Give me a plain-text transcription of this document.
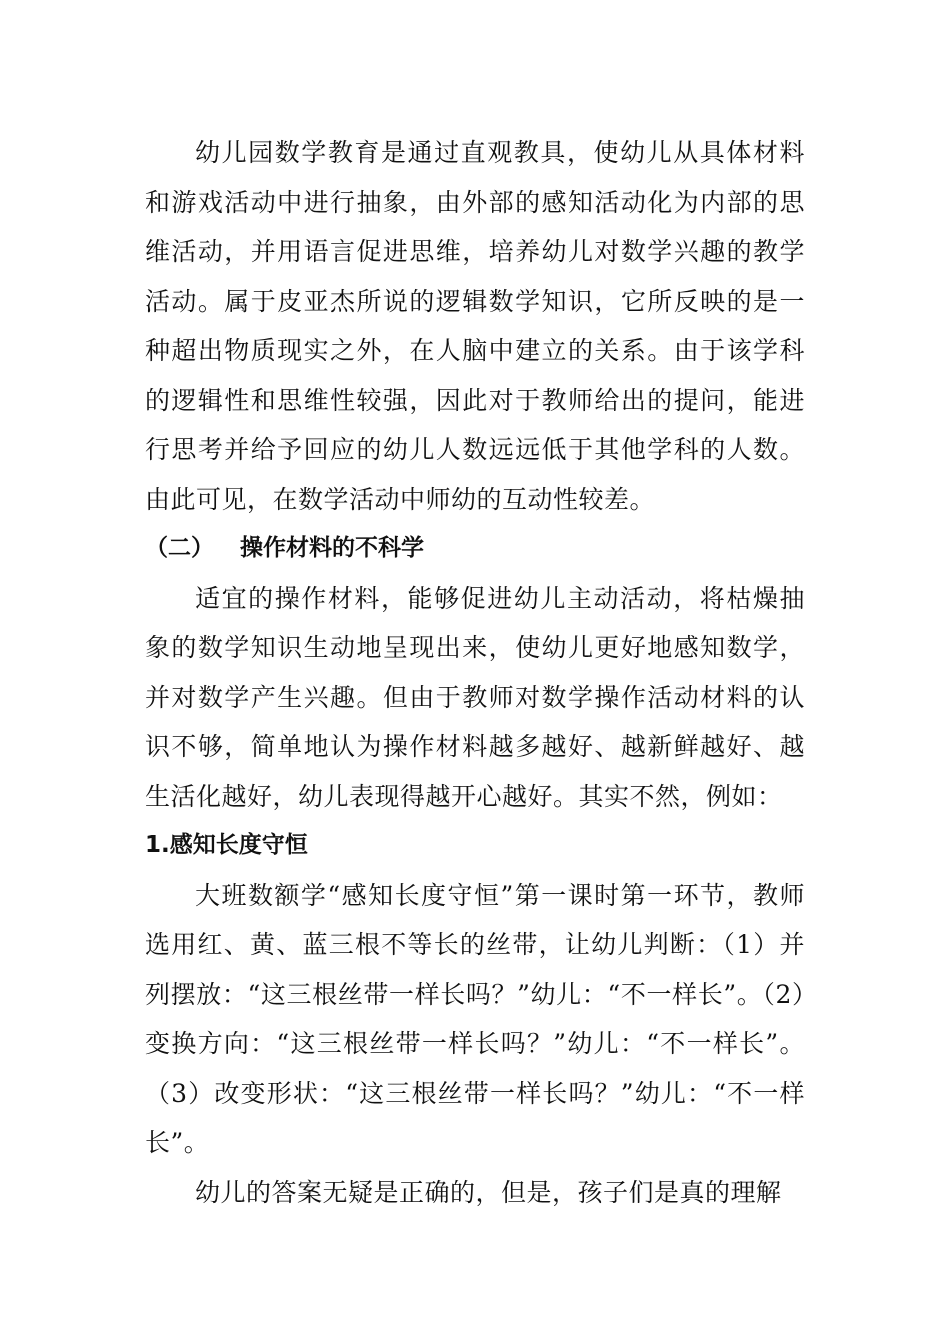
幼儿园数学教育是通过直观教具，使幼儿从具体材料和游戏活动中进行抽象，由外部的感知活动化为内部的思维活动，并用语言促进思维，培养幼儿对数学兴趣的教学活动。属于皮亚杰所说的逻辑数学知识，它所反映的是一种超出物质现实之外，在人脑中建立的关系。由于该学科的逻辑性和思维性较强，因此对于教师给出的提问，能进行思考并给予回应的幼儿人数远远低于其他学科的人数。由此可见，在数学活动中师幼的互动性较差。

（二） 操作材料的不科学

适宜的操作材料，能够促进幼儿主动活动，将枯燥抽象的数学知识生动地呈现出来，使幼儿更好地感知数学，并对数学产生兴趣。但由于教师对数学操作活动材料的认识不够，简单地认为操作材料越多越好、越新鲜越好、越生活化越好，幼儿表现得越开心越好。其实不然，例如：

1.感知长度守恒

大班数额学“感知长度守恒”第一课时第一环节，教师选用红、黄、蓝三根不等长的丝带，让幼儿判断：（1）并列摆放：“这三根丝带一样长吗？”幼儿：“不一样长”。（2）变换方向：“这三根丝带一样长吗？”幼儿：“不一样长”。（3）改变形状：“这三根丝带一样长吗？”幼儿：“不一样长”。

幼儿的答案无疑是正确的，但是，孩子们是真的理解
